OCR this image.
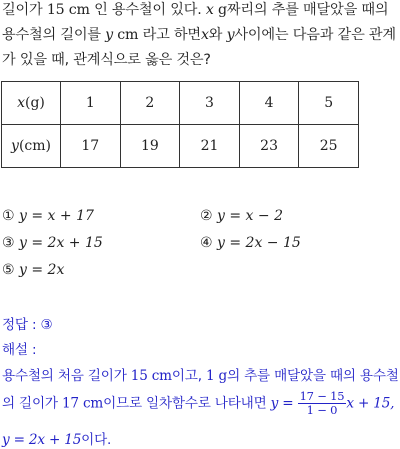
길이가 15 cm 인 용수철이 있다. x g짜리의 추를 매달았을 때의
용수철의 길이를 y cm 라고 하면x와 y사이에는 다음과 같은 관계
가 있을 때, 관계식으로 옳은 것은?
x(g)	1	2	3	4	5
y(cm)	17	19	21	23	25
① y = x + 17	② y = x − 2
③ y = 2x + 15	④ y = 2x − 15
⑤ y = 2x
정답 : ③
해설 :
용수철의 처음 길이가 15 cm이고, 1 g의 추를 매달았을 때의 용수철
의 길이가 17 cm이므로 일차함수로 나타내면 $y = \frac{17 - 15}{1 - 0}$ x + 15,
y = 2x + 15이다.
